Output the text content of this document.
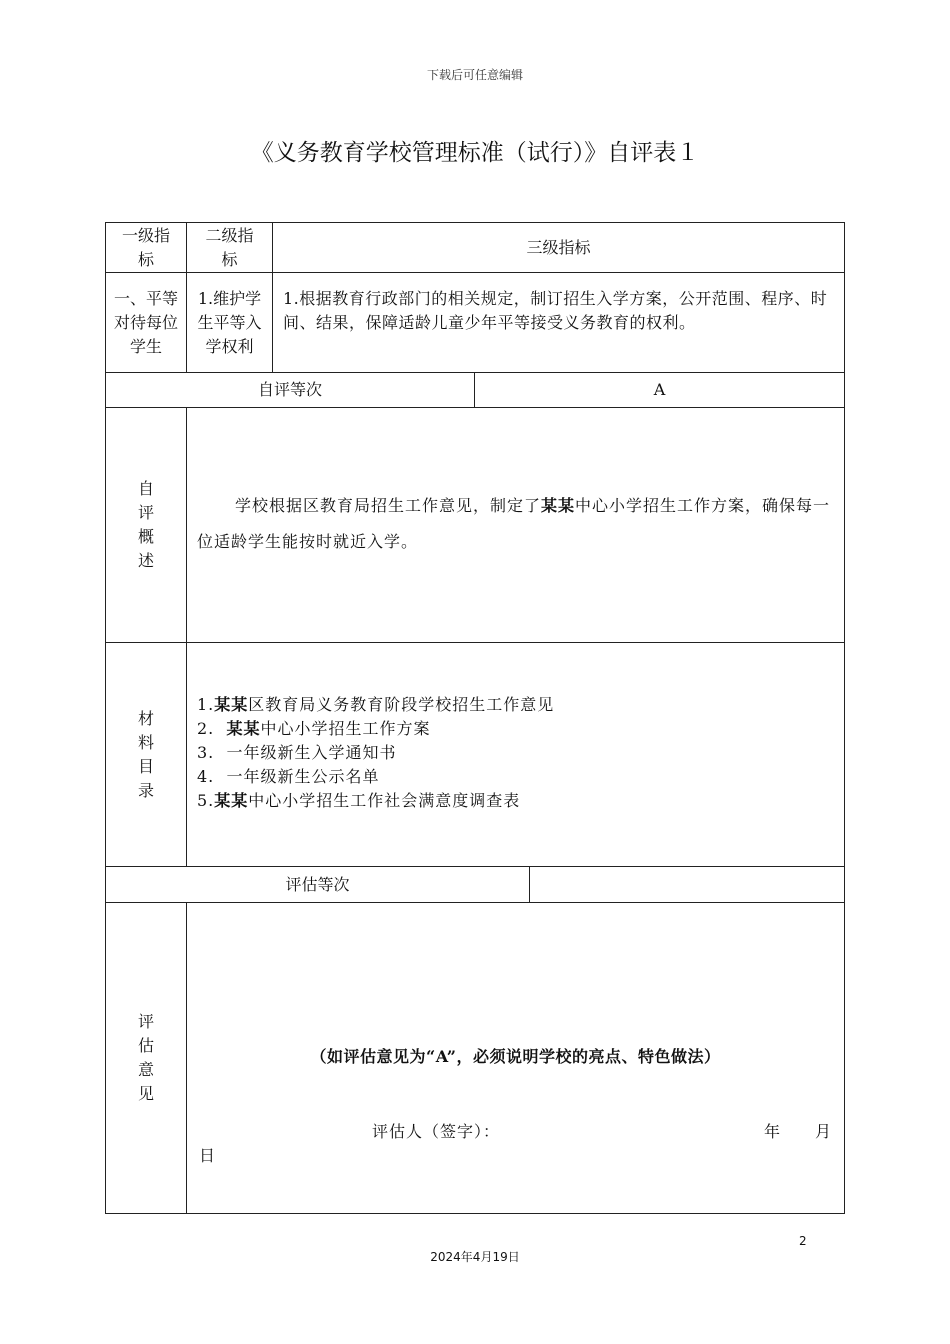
下载后可任意编辑
《义务教育学校管理标准（试行）》自评表１
一级指标
二级指标
三级指标
一、平等对待每位学生
1.维护学生平等入学权利
1.根据教育行政部门的相关规定，制订招生入学方案，公开范围、程序、时间、结果，保障适龄儿童少年平等接受义务教育的权利。
自评等次	A
自评概述
学校根据区教育局招生工作意见，制定了某某中心小学招生工作方案，确保每一位适龄学生能按时就近入学。
材料目录
1.某某区教育局义务教育阶段学校招生工作意见
2.  某某中心小学招生工作方案
3.  一年级新生入学通知书
4.  一年级新生公示名单
5.某某中心小学招生工作社会满意度调查表
评估等次
评估意见
（如评估意见为“A”，必须说明学校的亮点、特色做法）
评估人（签字）：	年 月
日
2
2024年4月19日
